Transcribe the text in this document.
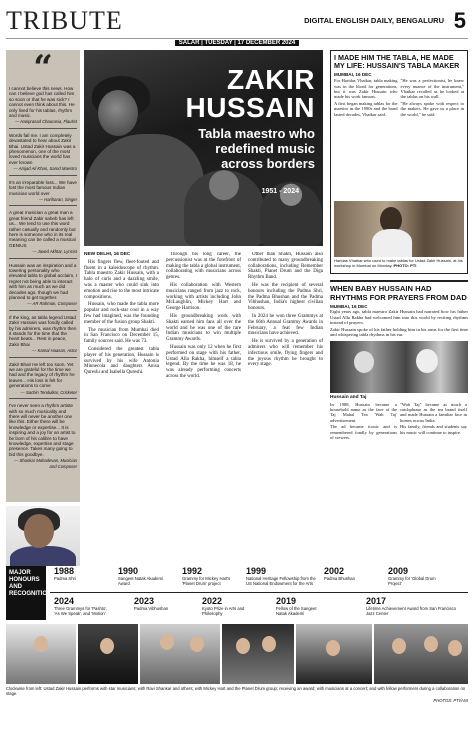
TRIBUTE	DIGITAL ENGLISH DAILY, BENGALURU 5
SALAR | TUESDAY | 17 DECEMBER 2024
“
I cannot believe this news. How can I believe god has called him so soon or that he was sick? I cannot even think about this. He only lived for his tablas, rhythm and music.
— Hariprasad Chaurasia, Flautist
Words fail me. I am completely devastated to hear about Zakir Bhai. Ustad Zakir Hussain was a phenomenon, one of the most loved musicians the world has ever known
— Amjad Ali Khan, Sarod Maestro
It's an irreparable loss... We have lost the most famous Indian musician world over
— Hariharan, Singer
A great musician a great man a great friend Zakir saheb has left us... We tend to use this word rather casually and randomly but here is someone who in its real meaning can be called a musical GENIUS
— Javed Akhtar, Lyricist
Hussain was an inspiration and a towering personality who elevated tabla to global acclaim, I regret not being able to interact with him as much as we did decades ago, though we had planned to get together.
— AR Rahman, Composer
If the king, as tabla legend Ustad Zakir Hussain was fondly called by his admirers, was rhythm then it stands for the time that the heart beats... Rest in peace, Zakir Bhai
— Kamal Haasan, Actor
Zakir Bhai! He left too soon. Yet we are grateful for the time we had and the legacy of rhythm he leaves... His loss is felt for generations to come
— Sachin Tendulkar, Cricketer
I've never seen a rhythm artiste with so much musicality and there will never be another one like this. Either there will be knowledge or expertise... It is inspiring and a joy for an artist to be born of his calibre to have knowledge, expertise and stage presence. Takes many going to bid this goodbye.
— Shankar Mahadevan, Musician and Composer
ZAKIR
HUSSAIN
Tabla maestro who redefined music across borders
1951 - 2024

NEW DELHI, 16 DEC

His fingers flew, fleet-footed and fluent in a kaleidoscope of rhythm. Tabla maestro Zakir Hussain, with a halo of curls and a dazzling smile, was a master who could sink into emotion and rise to the most intricate compositions.

Hussain, who made the tabla more popular and rock-star cool in a way few had imagined, was the founding member of the fusion group Shakti.

The musician from Mumbai died in San Francisco on December 15, family sources said. He was 73.

Considered the greatest tabla player of his generation, Hussain is survived by his wife Antonia Minnecola and daughters Anisa Qureshi and Isabella Qureshi.

Through his long career, the percussionist was at the forefront of making the tabla a global instrument, collaborating with musicians across genres.

His collaboration with Western musicians ranged from jazz to rock, working with artists including John McLaughlin, Mickey Hart and George Harrison.

His groundbreaking work with Shakti earned him fans all over the world and he was one of the rare Indian musicians to win multiple Grammy Awards.

Hussain was only 12 when he first performed on stage with his father, Ustad Alla Rakha, himself a tabla legend. By the time he was 18, he was already performing concerts across the world.

Other than Shakti, Hussain also contributed to many groundbreaking collaborations, including Remember Shakti, Planet Drum and the Diga Rhythm Band.

He was the recipient of several honours including the Padma Shri, the Padma Bhushan and the Padma Vibhushan, India's highest civilian honours.

In 2024 he won three Grammys at the 66th Annual Grammy Awards in February, a feat few Indian musicians have achieved.

He is survived by a generation of admirers who will remember his infectious smile, flying fingers and the joyous rhythm he brought to every stage.

I MADE HIM THE TABLA, HE MADE MY LIFE: HUSSAIN'S TABLA MAKER
MUMBAI, 16 DEC

For Haridas Vhatkar, tabla making was in the blood for generations, but it was Zakir Hussain who made his work famous.

A first began making tablas for the maestro in the 1990s and the bond lasted decades, Vhatkar said.

"He was a perfectionist, he knew every nuance of the instrument," Vhatkar recalled as he looked at the tablas on his wall.

"He always spoke with respect to the makers. He gave us a place in the world," he said.

Haridas Vhatkar who used to make tablas for Ustad Zakir Hussain, at his workshop in Mumbai on Monday. PHOTO: PTI
WHEN BABY HUSSAIN HAD RHYTHMS FOR PRAYERS FROM DAD
MUMBAI, 16 DEC

Eight years ago, tabla maestro Zakir Hussain had narrated how his father Ustad Alla Rakha had welcomed him into this world by reciting rhythms instead of prayers.

Zakir Hussain spoke of his father holding him in his arms for the first time and whispering tabla rhythms in his ear.

Hussain and Taj

In 1988, Hussain became a household name as the face of the Taj Mahal Tea 'Wah Taj' advertisement.

The ad became iconic and is remembered fondly by generations of viewers.

"Wah Taj" became as much a catchphrase as the tea brand itself and made Hussain a familiar face in homes across India.

His family, friends and students say his music will continue to inspire.

MAJOR HONOURS AND RECOGNITION
1988
Padma Shri
1990
Sangeet Natak Akademi Award
1992
Grammy for Mickey Hart's 'Planet Drum' project
1999
National Heritage Fellowship from the US National Endowment for the Arts
2002
Padma Bhushan
2009
Grammy for 'Global Drum Project'
2024
Three Grammys for 'Pashto', 'As We Speak', and 'Motion'
2023
Padma Vibhushan
2022
Kyoto Prize in Arts and Philosophy
2019
Fellow of the Sangeet Natak Akademi
2017
Lifetime Achievement Award from San Francisco Jazz Center
Clockwise from left: Ustad Zakir Hussain performs with star musicians; with Ravi Shankar and others; with Mickey Hart and the Planet Drum group; receiving an award; with musicians at a concert; and with fellow performers during a collaboration on stage.
PHOTOS: PTI/ANI
